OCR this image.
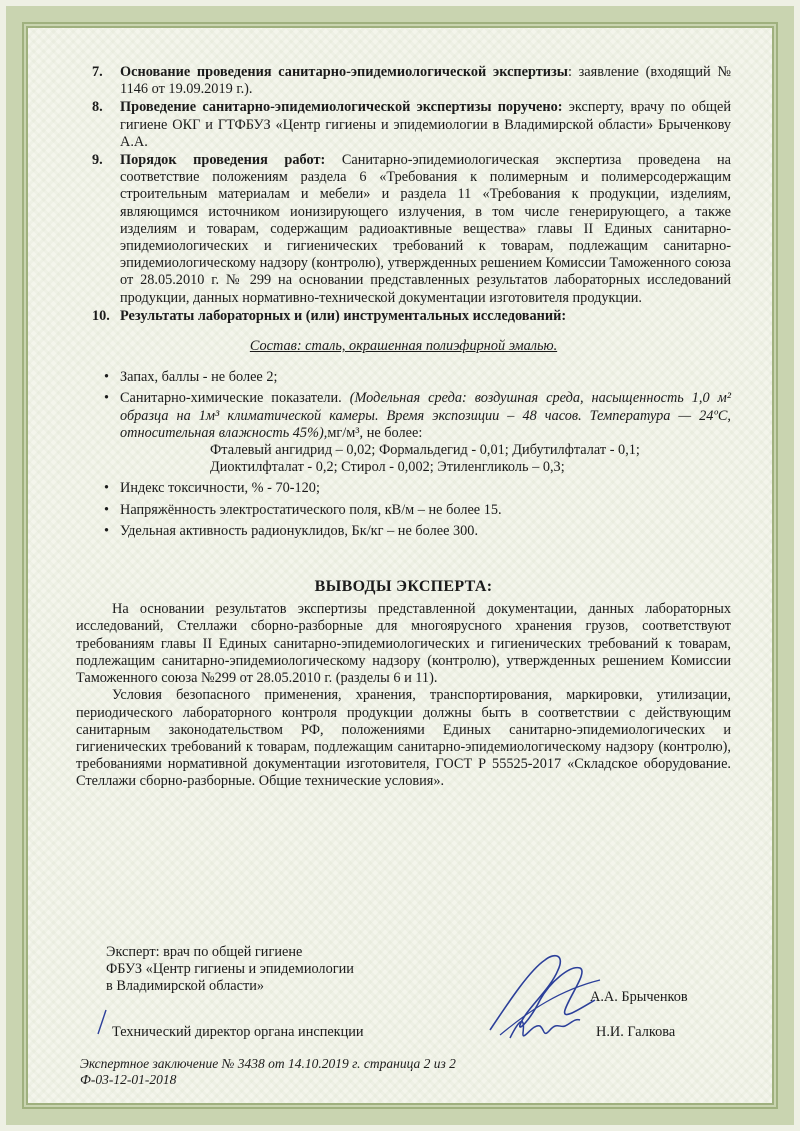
7.	Основание проведения санитарно-эпидемиологической экспертизы: заявление (входящий № 1146 от 19.09.2019 г.).
8.	Проведение санитарно-эпидемиологической экспертизы поручено: эксперту, врачу по общей гигиене ОКГ и ГТФБУЗ «Центр гигиены и эпидемиологии в Владимирской области» Брыченкову А.А.
9.	Порядок проведения работ: Санитарно-эпидемиологическая экспертиза проведена на соответствие положениям раздела 6 «Требования к полимерным и полимерсодержащим строительным материалам и мебели» и раздела 11 «Требования к продукции, изделиям, являющимся источником ионизирующего излучения, в том числе генерирующего, а также изделиям и товарам, содержащим радиоактивные вещества» главы II Единых санитарно-эпидемиологических и гигиенических требований к товарам, подлежащим санитарно-эпидемиологическому надзору (контролю), утвержденных решением Комиссии Таможенного союза от 28.05.2010 г. № 299 на основании представленных результатов лабораторных исследований продукции, данных нормативно-технической документации изготовителя продукции.
10. Результаты лабораторных и (или) инструментальных исследований:
Состав: сталь, окрашенная полиэфирной эмалью.
• Запах, баллы - не более 2;
• Санитарно-химические показатели. (Модельная среда: воздушная среда, насыщенность 1,0 м² образца на 1м³ климатической камеры. Время экспозиции – 48 часов. Температура — 24ºС, относительная влажность 45%),мг/м³, не более:
Фталевый ангидрид – 0,02; Формальдегид - 0,01; Дибутилфталат - 0,1;
Диоктилфталат - 0,2; Стирол - 0,002; Этиленгликоль – 0,3;
• Индекс токсичности, % - 70-120;
• Напряжённость электростатического поля, кВ/м – не более 15.
• Удельная активность радионуклидов, Бк/кг – не более 300.
ВЫВОДЫ ЭКСПЕРТА:

На основании результатов экспертизы представленной документации, данных лабораторных исследований, Стеллажи сборно-разборные для многоярусного хранения грузов, соответствуют требованиям главы II Единых санитарно-эпидемиологических и гигиенических требований к товарам, подлежащим санитарно-эпидемиологическому надзору (контролю), утвержденных решением Комиссии Таможенного союза №299 от 28.05.2010 г. (разделы 6 и 11).

Условия безопасного применения, хранения, транспортирования, маркировки, утилизации, периодического лабораторного контроля продукции должны быть в соответствии с действующим санитарным законодательством РФ, положениями Единых санитарно-эпидемиологических и гигиенических требований к товарам, подлежащим санитарно-эпидемиологическому надзору (контролю), требованиями нормативной документации изготовителя, ГОСТ Р 55525-2017 «Складское оборудование. Стеллажи сборно-разборные. Общие технические условия».

Эксперт: врач по общей гигиене
ФБУЗ «Центр гигиены и эпидемиологии
в Владимирской области»
А.А. Брыченков
Технический директор органа инспекции	Н.И. Галкова
Экспертное заключение № 3438 от 14.10.2019 г. страница 2 из 2
Ф-03-12-01-2018
